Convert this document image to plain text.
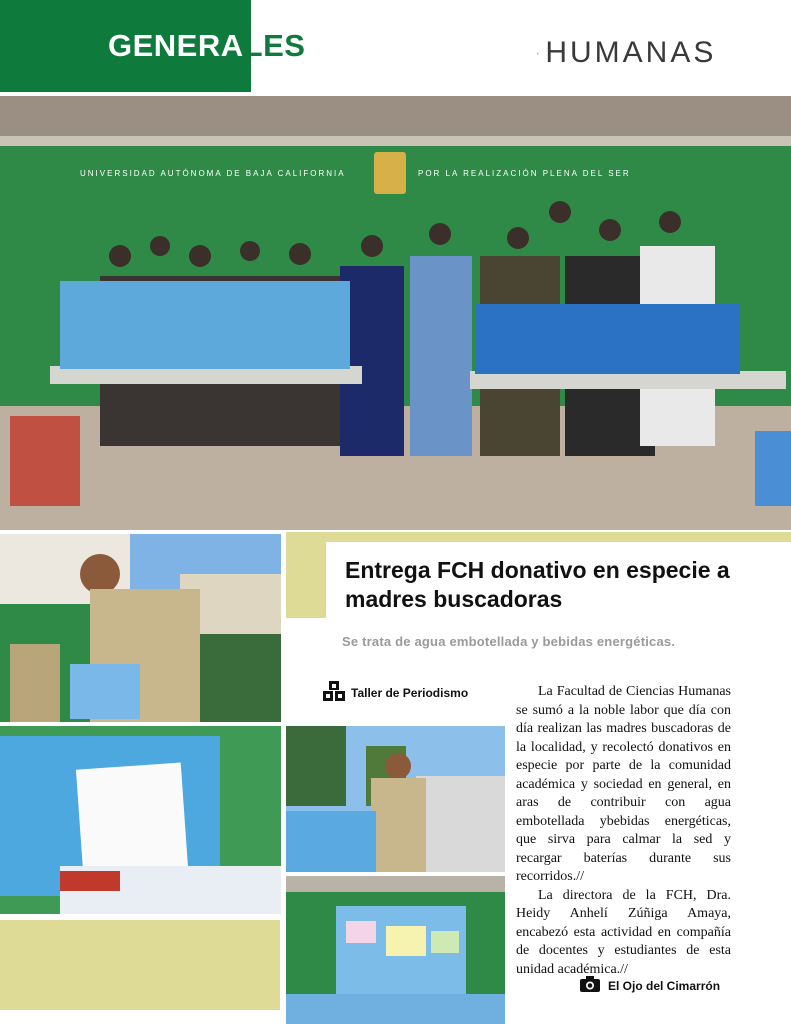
GENERALES	·HUMANAS
UNIVERSIDAD AUTÓNOMA DE BAJA CALIFORNIA	POR LA REALIZACIÓN PLENA DEL SER
Entrega FCH donativo en especie a madres buscadoras
Se trata de agua embotellada y bebidas energéticas.
Taller de Periodismo	La Facultad de Ciencias Humanas se sumó a la noble labor que día con día realizan las madres buscadoras de la localidad, y recolectó donativos en especie por parte de la comunidad académica y sociedad en general, en aras de contribuir con agua embotellada ybebidas energéticas, que sirva para calmar la sed y recargar baterías durante sus recorridos.//

La directora de la FCH, Dra. Heidy Anhelí Zúñiga Amaya, encabezó esta actividad en compañía de docentes y estudiantes de esta unidad académica.//

El Ojo del Cimarrón
